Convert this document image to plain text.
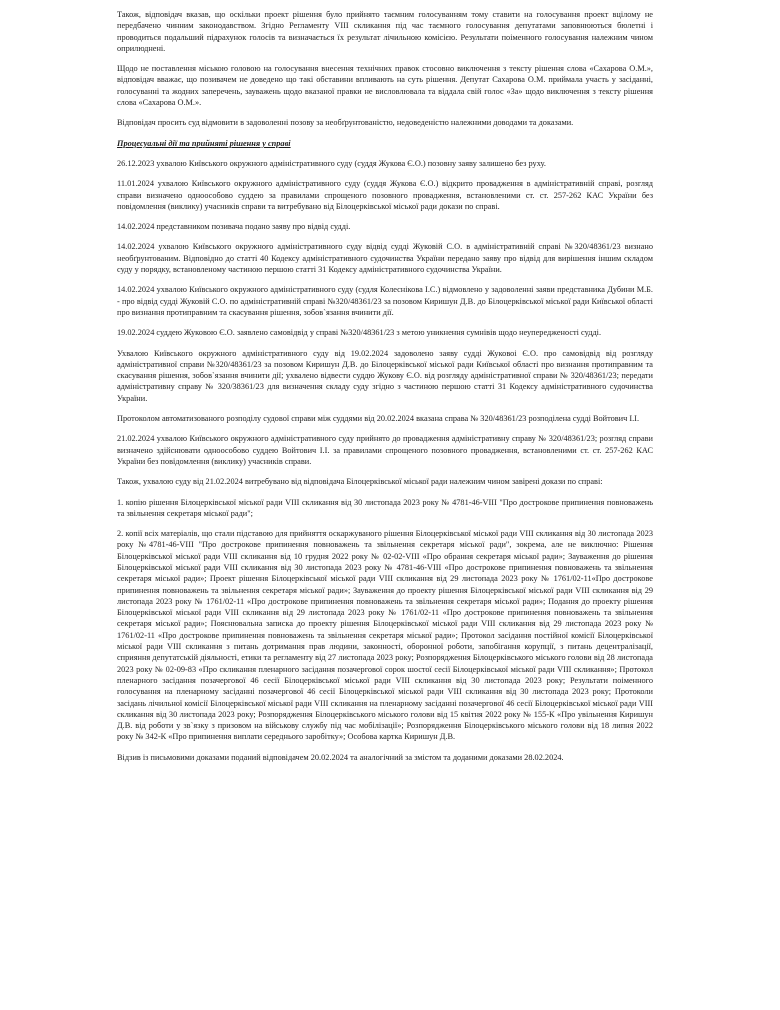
Також, відповідач вказав, що оскільки проект рішення було прийнято таємним голосуванням тому ставити на голосування проект вцілому не передбачено чинним законодавством. Згідно Регламенту VIII скликання під час таємного голосування депутатами заповнюються бюлетні і проводиться подальший підрахунок голосів та визначається їх результат лічильною комісією. Результати поіменного голосування належним чином оприлюднені.

Щодо не поставлення міською головою на голосування внесення технічних правок стосовно виключення з тексту рішення слова «Сахарова О.М.», відповідач вважає, що позивачем не доведено що такі обставини впливають на суть рішення. Депутат Сахарова О.М. приймала участь у засіданні, голосуванні та жодних заперечень, зауважень щодо вказаної правки не висловлювала та віддала свій голос «За» щодо виключення з тексту рішення слова «Сахарова О.М.».

Відповідач просить суд відмовити в задоволенні позову за необґрунтованістю, недоведеністю належними доводами та доказами.

Процесуальні дії та прийняті рішення у справі

26.12.2023 ухвалою Київського окружного адміністративного суду (суддя Жукова Є.О.) позовну заяву залишено без руху.

11.01.2024 ухвалою Київського окружного адміністративного суду (суддя Жукова Є.О.) відкрито провадження в адміністративній справі, розгляд справи визначено одноособово суддею за правилами спрощеного позовного провадження, встановленими ст. ст. 257-262 КАС України без повідомлення (виклику) учасників справи та витребувано від Білоцерківської міської ради докази по справі.

14.02.2024 представником позивача подано заяву про відвід судді.

14.02.2024 ухвалою Київського окружного адміністративного суду відвід судді Жуковій С.О. в адміністративній справі №320/48361/23 визнано необґрунтованим. Відповідно до статті 40 Кодексу адміністративного судочинства України передано заяву про відвід для вирішення іншим складом суду у порядку, встановленому частиною першою статті 31 Кодексу адміністративного судочинства України.

14.02.2024 ухвалою Київського окружного адміністративного суду (судля Колеснікова І.С.) відмовлено у задоволенні заяви представника Дубини М.Б. - про відвід судді Жуковій С.О. по адміністративній справі №320/48361/23 за позовом Киришун Д.В. до Білоцерківської міської ради Київської області про визнання протиправним та скасування рішення, зобов`язання вчинити дії.

19.02.2024 суддею Жуковою Є.О. заявлено самовідвід у справі №320/48361/23 з метою уникнення сумнівів щодо неупередженості судді.

Ухвалою Київського окружного адміністративного суду від 19.02.2024 задоволено заяву судді Жуковоі Є.О. про самовідвід від розгляду адміністративної справи №320/48361/23 за позовом Киришун Д.В. до Білоцерківської міської ради Київської області про визнання протиправним та скасування рішення, зобов`язання вчинити дії; ухвалено відвести суддю Жукову Є.О. від розгляду адміністративної справи № 320/48361/23; передати адміністративну справу № 320/38361/23 для визначення складу суду згідно з частиною першою статті 31 Кодексу адміністративного судочинства України.

Протоколом автоматизованого розподілу судової справи між суддями від 20.02.2024 вказана справа № 320/48361/23 розподілена судді Войтович І.І.

21.02.2024 ухвалою Київського окружного адміністративного суду прийнято до провадження адміністративну справу № 320/48361/23; розгляд справи визначено здійснювати одноособово суддею Войтович І.І. за правилами спрощеного позовного провадження, встановленими ст. ст. 257-262 КАС України без повідомлення (виклику) учасників справи.

Також, ухвалою суду від 21.02.2024 витребувано від відповідача Білоцерківської міської ради належним чином завірені докази по справі:

1. копію рішення Білоцерківської міської ради VIII скликання від 30 листопада 2023 року № 4781-46-VIII "Про дострокове припинення повноважень та звільнення секретаря міської ради";

2. копії всіх матеріалів, що стали підставою для прийняття оскаржуваного рішення Білоцерківської міської ради VIII скликання від 30 листопада 2023 року №4781-46-VIII "Про дострокове припинення повноважень та звільнення секретаря міської ради", зокрема, але не виключно: Рішення Білоцерківської міської ради VIII скликання від 10 грудня 2022 року № 02-02-VIII «Про обрання секретаря міської ради»; Зауваження до рішення Білоцерківської міської ради VIII скликання від 30 листопада 2023 року № 4781-46-VIII «Про дострокове припинення повноважень та звільнення секретаря міської ради»; Проект рішення Білоцерківської міської ради VIII скликання від 29 листопада 2023 року № 1761/02-11«Про дострокове припинення повноважень та звільнення секретаря міської ради»; Зауваження до проекту рішення Білоцерківської міської ради VIII скликання від 29 листопада 2023 року № 1761/02-11 «Про дострокове припинення повноважень та звільнення секретаря міської ради»; Подання до проекту рішення Білоцерківської міської ради VIII скликання від 29 листопада 2023 року № 1761/02-11 «Про дострокове припинення повноважень та звільнення секретаря міської ради»; Пояснювальна записка до проекту рішення Білоцерківської міської ради VIII скликання від 29 листопада 2023 року № 1761/02-11 «Про дострокове припинення повноважень та звільнення секретаря міської ради»; Протокол засідання постійної комісії Білоцерківської міської ради VIII скликання з питань дотримання прав людини, законності, оборонної роботи, запобігання корупції, з питань децентралізації, сприяння депутатській діяльності, етики та регламенту від 27 листопада 2023 року; Розпорядження Білоцерківського міського голови від 28 листопада 2023 року № 02-09-83 «Про скликання пленарного засідання позачергової сорок шостої сесії Білоцерківської міської ради VIII скликання»; Протокол пленарного засідання позачергової 46 сесії Білоцерківської міської ради VIII скликання від 30 листопада 2023 року; Результати поіменного голосування на пленарному засіданні позачергової 46 сесії Білоцерківської міської ради VIII скликання від 30 листопада 2023 року; Протоколи засідань лічильної комісії Білоцерківської міської ради VIII скликання на пленарному засіданні позачергової 46 сесії Білоцерківської міської ради VIII скликання від 30 листопада 2023 року; Розпорядження Білоцерківського міського голови від 15 квітня 2022 року № 155-К «Про увільнення Киришун Д.В. від роботи у зв`язку з призовом на військову службу під час мобілізації»; Розпорядження Білоцерківського міського голови від 18 липня 2022 року № 342-К «Про припинення виплати середнього заробітку»; Особова картка Киришун Д.В.

Відзив із письмовими доказами поданий відповідачем 20.02.2024 та аналогічний за змістом та доданими доказами 28.02.2024.
